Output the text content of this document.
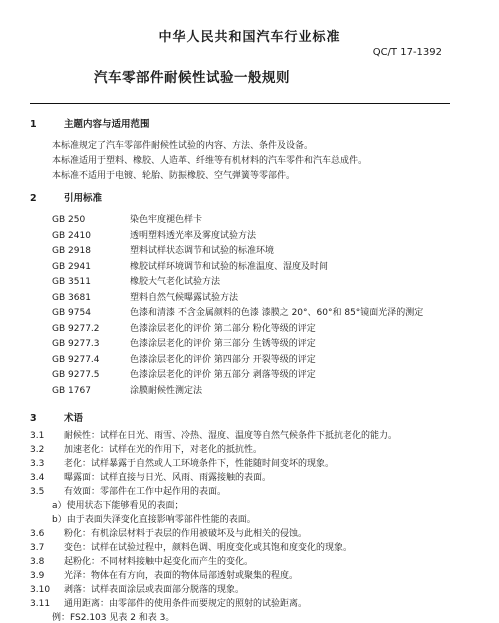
中华人民共和国汽车行业标准
QC/T 17-1392
汽车零部件耐候性试验一般规则
1	主题内容与适用范围
本标准规定了汽车零部件耐候性试验的内容、方法、条件及设备。
本标准适用于塑料、橡胶、人造革、纤维等有机材料的汽车零件和汽车总成件。
本标准不适用于电镀、轮胎、防振橡胶、空气弹簧等零部件。
2	引用标准
GB 250	染色牢度褪色样卡
GB 2410	透明塑料透光率及雾度试验方法
GB 2918	塑料试样状态调节和试验的标准环境
GB 2941	橡胶试样环境调节和试验的标准温度、湿度及时间
GB 3511	橡胶大气老化试验方法
GB 3681	塑料自然气候曝露试验方法
GB 9754	色漆和清漆 不含金属颜料的色漆 漆膜之 20°、60°和 85°镜面光泽的测定
GB 9277.2	色漆涂层老化的评价 第二部分 粉化等级的评定
GB 9277.3	色漆涂层老化的评价 第三部分 生锈等级的评定
GB 9277.4	色漆涂层老化的评价 第四部分 开裂等级的评定
GB 9277.5	色漆涂层老化的评价 第五部分 剥落等级的评定
GB 1767	涂膜耐候性测定法
3	术语
3.1 耐候性：试样在日光、雨雪、冷热、湿度、温度等自然气候条件下抵抗老化的能力。
3.2 加速老化：试样在光的作用下，对老化的抵抗性。
3.3 老化：试样暴露于自然或人工环境条件下，性能随时间变坏的现象。
3.4 曝露面：试样直接与日光、风雨、雨露接触的表面。
3.5 有效面：零部件在工作中起作用的表面。
a）使用状态下能够看见的表面；
b）由于表面失泽变化直接影响零部件性能的表面。
3.6 粉化：有机涂层材料于表层的作用被破坏及与此相关的侵蚀。
3.7 变色：试样在试验过程中，颜料色调、明度变化或其饱和度变化的现象。
3.8 起粉化：不同材料接触中起变化而产生的变化。
3.9 光泽：物体在有方向，表面的物体局部透射或聚集的程度。
3.10 剥落：试样表面涂层或表面部分脱落的现象。
3.11 通用距离：由零部件的使用条件而要规定的照射的试验距离。
例：FS2.103 见表 2 和表 3。
